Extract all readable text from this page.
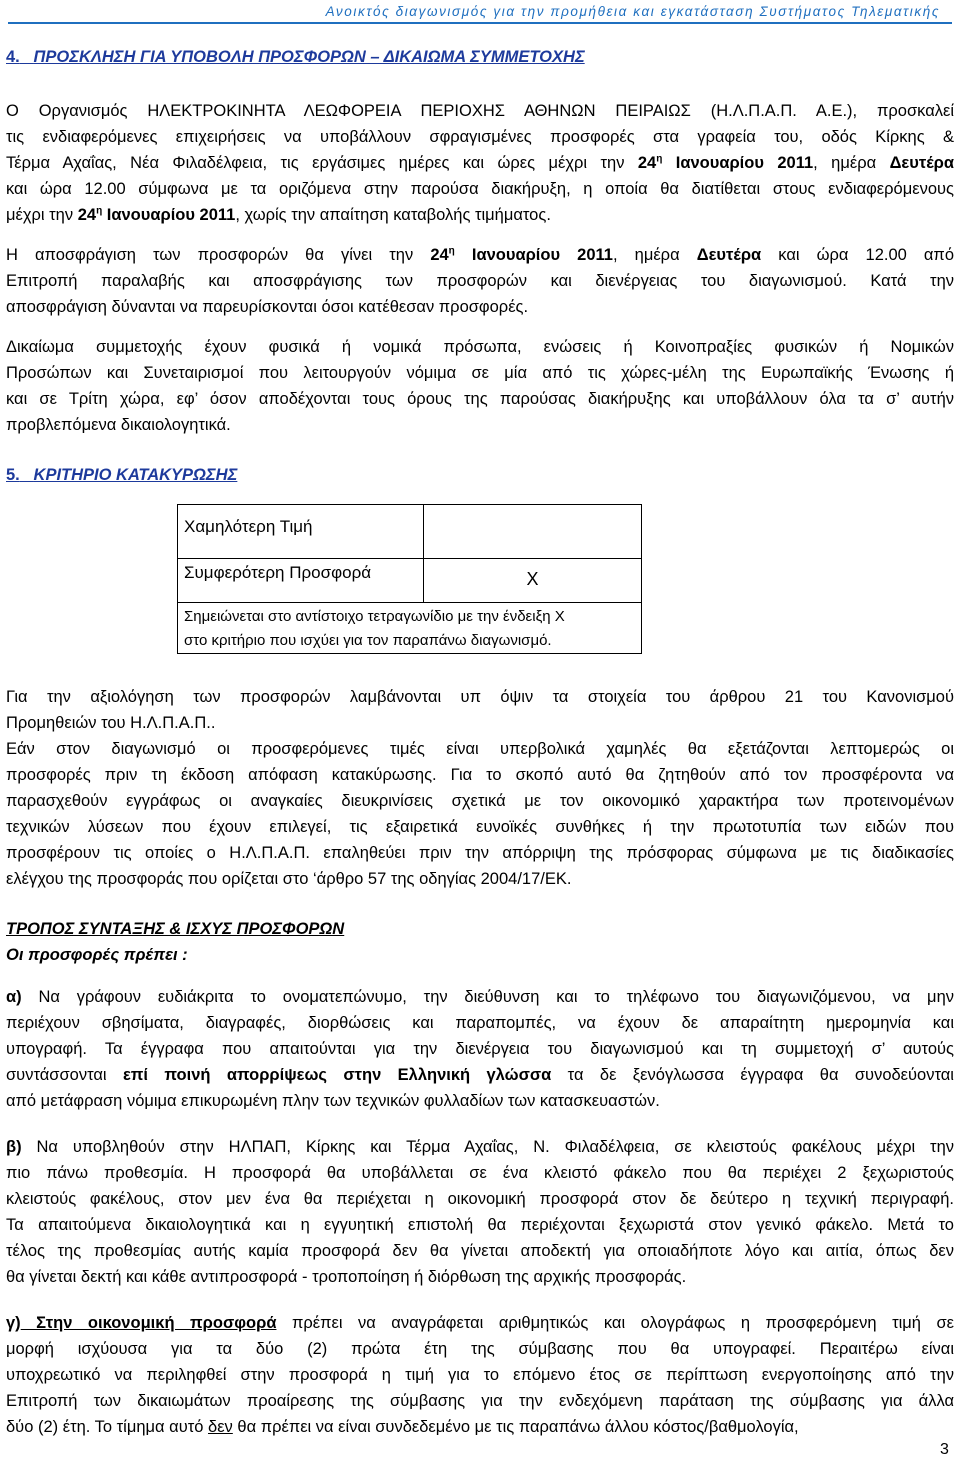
Ανοικτός διαγωνισμός για την προμήθεια και εγκατάσταση Συστήματος Τηλεματικής
4. ΠΡΟΣΚΛΗΣΗ ΓΙΑ ΥΠΟΒΟΛΗ ΠΡΟΣΦΟΡΩΝ – ΔΙΚΑΙΩΜΑ ΣΥΜΜΕΤΟΧΗΣ
Ο Οργανισμός ΗΛΕΚΤΡΟΚΙΝΗΤΑ ΛΕΩΦΟΡΕΙΑ ΠΕΡΙΟΧΗΣ ΑΘΗΝΩΝ ΠΕΙΡΑΙΩΣ (Η.Λ.Π.Α.Π. Α.Ε.), προσκαλεί
τις ενδιαφερόμενες επιχειρήσεις να υποβάλλουν σφραγισμένες προσφορές στα γραφεία του, οδός Κίρκης &
Τέρμα Αχαΐας, Νέα Φιλαδέλφεια, τις εργάσιμες ημέρες και ώρες μέχρι την $24^\eta$ Ιανουαρίου 2011, ημέρα Δευτέρα
και ώρα 12.00 σύμφωνα με τα οριζόμενα στην παρούσα διακήρυξη, η οποία θα διατίθεται στους ενδιαφερόμενους
μέχρι την $24^\eta$ Ιανουαρίου 2011, χωρίς την απαίτηση καταβολής τιμήματος.
Η αποσφράγιση των προσφορών θα γίνει την $24^\eta$ Ιανουαρίου 2011, ημέρα Δευτέρα και ώρα 12.00 από
Επιτροπή παραλαβής και αποσφράγισης των προσφορών και διενέργειας του διαγωνισμού. Κατά την
αποσφράγιση δύνανται να παρευρίσκονται όσοι κατέθεσαν προσφορές.
Δικαίωμα συμμετοχής έχουν φυσικά ή νομικά πρόσωπα, ενώσεις ή Κοινοπραξίες φυσικών ή Νομικών
Προσώπων και Συνεταιρισμοί που λειτουργούν νόμιμα σε μία από τις χώρες-μέλη της Ευρωπαϊκής Ένωσης ή
και σε Τρίτη χώρα, εφ’ όσον αποδέχονται τους όρους της παρούσας διακήρυξης και υποβάλλουν όλα τα σ’ αυτήν
προβλεπόμενα δικαιολογητικά.
5. ΚΡΙΤΗΡΙΟ ΚΑΤΑΚΥΡΩΣΗΣ
Χαμηλότερη Τιμή	
Συμφερότερη Προσφορά	X

Σημειώνεται στο αντίστοιχο τετραγωνίδιο με την ένδειξη Χ
στο κριτήριο που ισχύει για τον παραπάνω διαγωνισμό.	
Για την αξιολόγηση των προσφορών λαμβάνονται υπ όψιν τα στοιχεία του άρθρου 21 του Κανονισμού
Προμηθειών του Η.Λ.Π.Α.Π..
Εάν στον διαγωνισμό οι προσφερόμενες τιμές είναι υπερβολικά χαμηλές θα εξετάζονται λεπτομερώς οι
προσφορές πριν τη έκδοση απόφαση κατακύρωσης. Για το σκοπό αυτό θα ζητηθούν από τον προσφέροντα να
παρασχεθούν εγγράφως οι αναγκαίες διευκρινίσεις σχετικά με τον οικονομικό χαρακτήρα των προτεινομένων
τεχνικών λύσεων που έχουν επιλεγεί, τις εξαιρετικά ευνοϊκές συνθήκες ή την πρωτοτυπία των ειδών που
προσφέρουν τις οποίες ο Η.Λ.Π.Α.Π. επαληθεύει πριν την απόρριψη της πρόσφορας σύμφωνα με τις διαδικασίες
ελέγχου της προσφοράς που ορίζεται στο ‘άρθρο 57 της οδηγίας 2004/17/ΕΚ.
ΤΡΟΠΟΣ ΣΥΝΤΑΞΗΣ & ΙΣΧΥΣ ΠΡΟΣΦΟΡΩΝ
Οι προσφορές πρέπει :
α) Να γράφουν ευδιάκριτα το ονοματεπώνυμο, την διεύθυνση και το τηλέφωνο του διαγωνιζόμενου, να μην
περιέχουν σβησίματα, διαγραφές, διορθώσεις και παραπομπές, να έχουν δε απαραίτητη ημερομηνία και
υπογραφή. Τα έγγραφα που απαιτούνται για την διενέργεια του διαγωνισμού και τη συμμετοχή σ’ αυτούς
συντάσσονται επί ποινή απορρίψεως στην Ελληνική γλώσσα τα δε ξενόγλωσσα έγγραφα θα συνοδεύονται
από μετάφραση νόμιμα επικυρωμένη πλην των τεχνικών φυλλαδίων των κατασκευαστών.
β) Να υποβληθούν στην ΗΛΠΑΠ, Κίρκης και Τέρμα Αχαΐας, Ν. Φιλαδέλφεια, σε κλειστούς φακέλους μέχρι την
πιο πάνω προθεσμία. Η προσφορά θα υποβάλλεται σε ένα κλειστό φάκελο που θα περιέχει 2 ξεχωριστούς
κλειστούς φακέλους, στον μεν ένα θα περιέχεται η οικονομική προσφορά στον δε δεύτερο η τεχνική περιγραφή.
Τα απαιτούμενα δικαιολογητικά και η εγγυητική επιστολή θα περιέχονται ξεχωριστά στον γενικό φάκελο. Μετά το
τέλος της προθεσμίας αυτής καμία προσφορά δεν θα γίνεται αποδεκτή για οποιαδήποτε λόγο και αιτία, όπως δεν
θα γίνεται δεκτή και κάθε αντιπροσφορά - τροποποίηση ή διόρθωση της αρχικής προσφοράς.
γ) Στην οικονομική προσφορά πρέπει να αναγράφεται αριθμητικώς και ολογράφως η προσφερόμενη τιμή σε
μορφή ισχύουσα για τα δύο (2) πρώτα έτη της σύμβασης που θα υπογραφεί. Περαιτέρω είναι
υποχρεωτικό να περιληφθεί στην προσφορά η τιμή για το επόμενο έτος σε περίπτωση ενεργοποίησης από την
Επιτροπή των δικαιωμάτων προαίρεσης της σύμβασης για την ενδεχόμενη παράταση της σύμβασης για άλλα
δύο (2) έτη. Το τίμημα αυτό δεν θα πρέπει να είναι συνδεδεμένο με τις παραπάνω άλλου κόστος/βαθμολογία,
3
